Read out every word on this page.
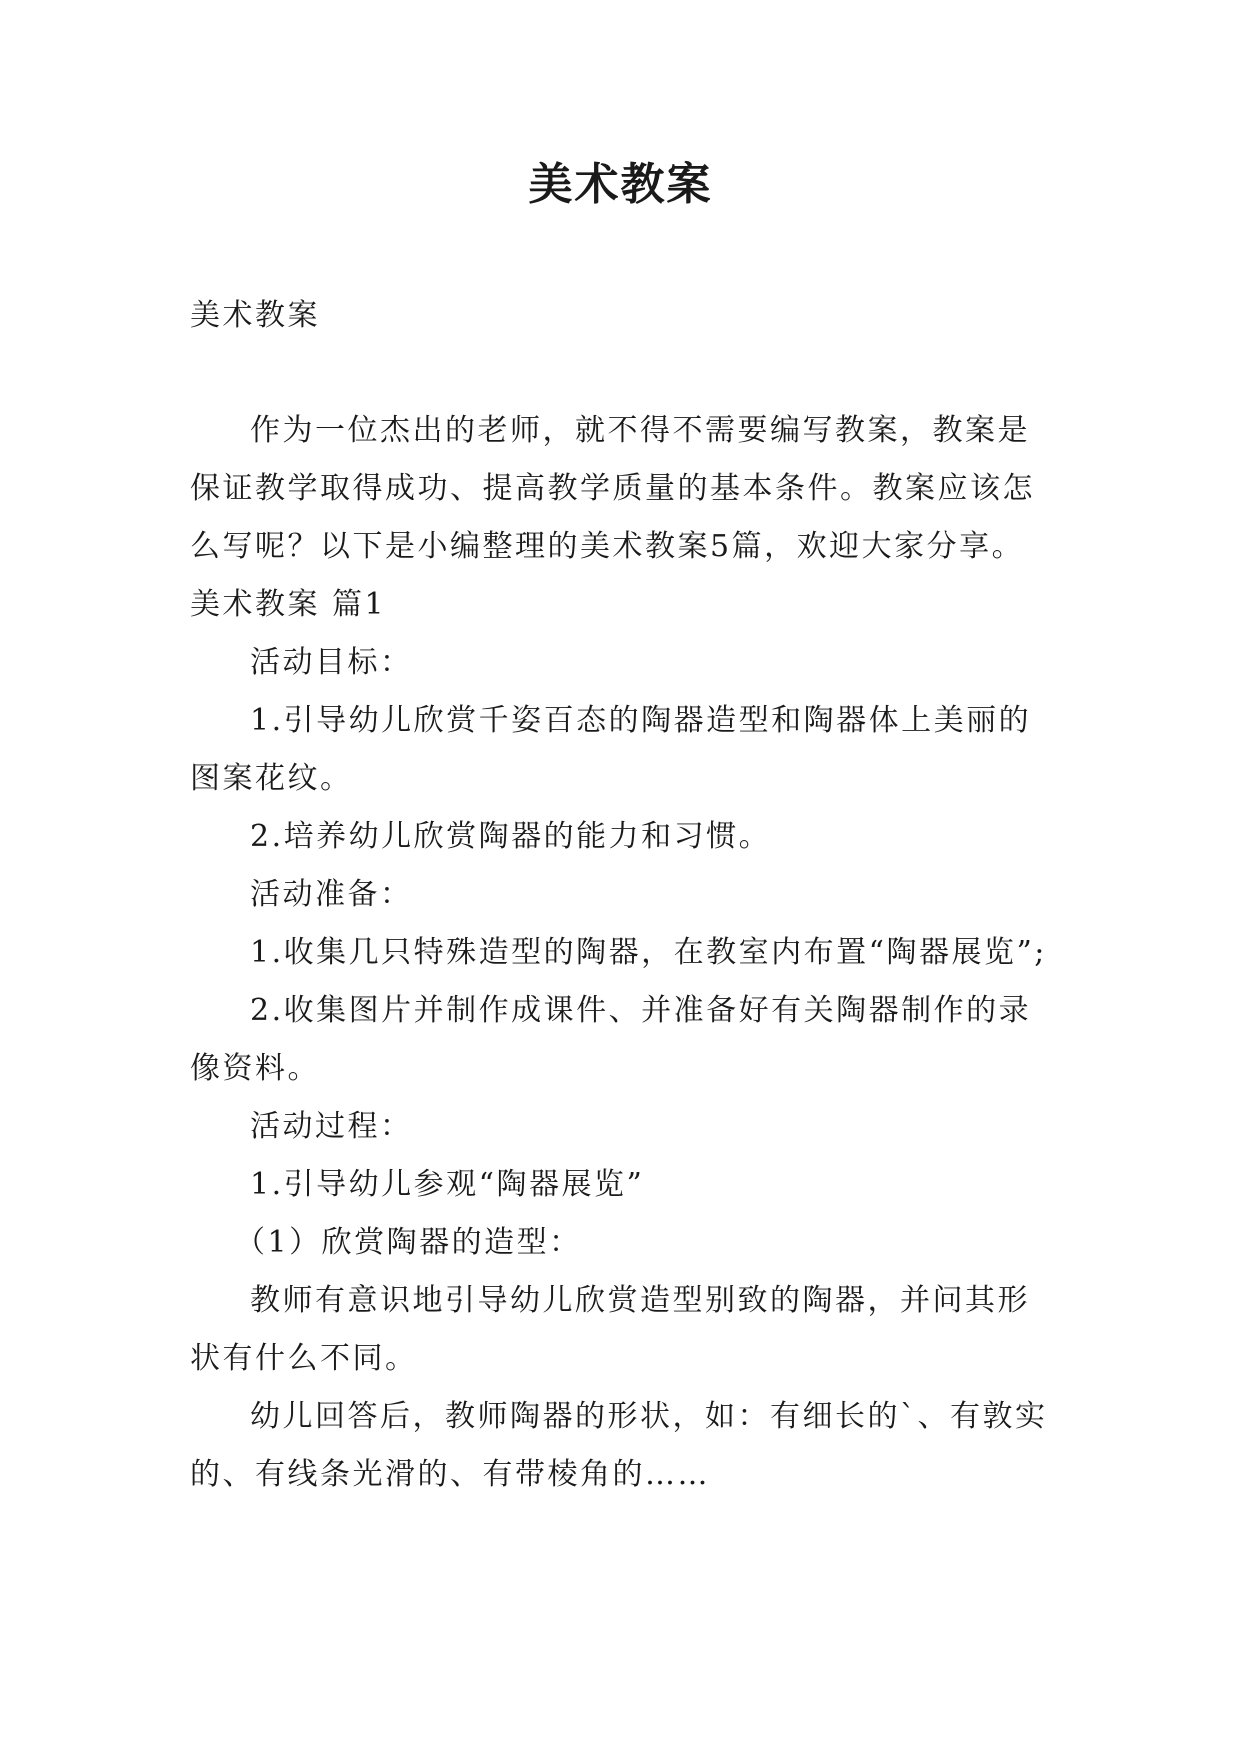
美术教案

美术教案

作为一位杰出的老师，就不得不需要编写教案，教案是保证教学取得成功、提高教学质量的基本条件。教案应该怎么写呢？以下是小编整理的美术教案5篇，欢迎大家分享。

美术教案 篇1

活动目标：

1.引导幼儿欣赏千姿百态的陶器造型和陶器体上美丽的图案花纹。

2.培养幼儿欣赏陶器的能力和习惯。

活动准备：

1.收集几只特殊造型的陶器，在教室内布置“陶器展览”;

2.收集图片并制作成课件、并准备好有关陶器制作的录像资料。

活动过程：

1.引导幼儿参观“陶器展览”

（1）欣赏陶器的造型：

教师有意识地引导幼儿欣赏造型别致的陶器，并问其形状有什么不同。

幼儿回答后，教师陶器的形状，如：有细长的`、有敦实的、有线条光滑的、有带棱角的……
